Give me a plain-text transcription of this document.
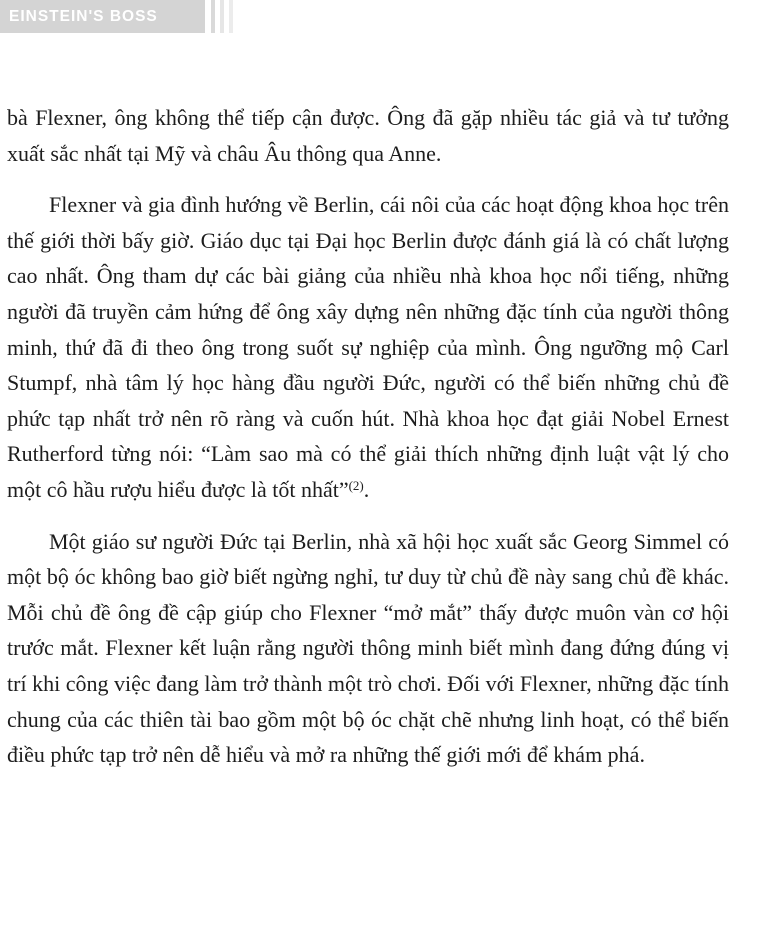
EINSTEIN'S BOSS

bà Flexner, ông không thể tiếp cận được. Ông đã gặp nhiều tác giả và tư tưởng xuất sắc nhất tại Mỹ và châu Âu thông qua Anne.

Flexner và gia đình hướng về Berlin, cái nôi của các hoạt động khoa học trên thế giới thời bấy giờ. Giáo dục tại Đại học Berlin được đánh giá là có chất lượng cao nhất. Ông tham dự các bài giảng của nhiều nhà khoa học nổi tiếng, những người đã truyền cảm hứng để ông xây dựng nên những đặc tính của người thông minh, thứ đã đi theo ông trong suốt sự nghiệp của mình. Ông ngưỡng mộ Carl Stumpf, nhà tâm lý học hàng đầu người Đức, người có thể biến những chủ đề phức tạp nhất trở nên rõ ràng và cuốn hút. Nhà khoa học đạt giải Nobel Ernest Rutherford từng nói: “Làm sao mà có thể giải thích những định luật vật lý cho một cô hầu rượu hiểu được là tốt nhất”$^{(2)}$.

Một giáo sư người Đức tại Berlin, nhà xã hội học xuất sắc Georg Simmel có một bộ óc không bao giờ biết ngừng nghỉ, tư duy từ chủ đề này sang chủ đề khác. Mỗi chủ đề ông đề cập giúp cho Flexner “mở mắt” thấy được muôn vàn cơ hội trước mắt. Flexner kết luận rằng người thông minh biết mình đang đứng đúng vị trí khi công việc đang làm trở thành một trò chơi. Đối với Flexner, những đặc tính chung của các thiên tài bao gồm một bộ óc chặt chẽ nhưng linh hoạt, có thể biến điều phức tạp trở nên dễ hiểu và mở ra những thế giới mới để khám phá.
